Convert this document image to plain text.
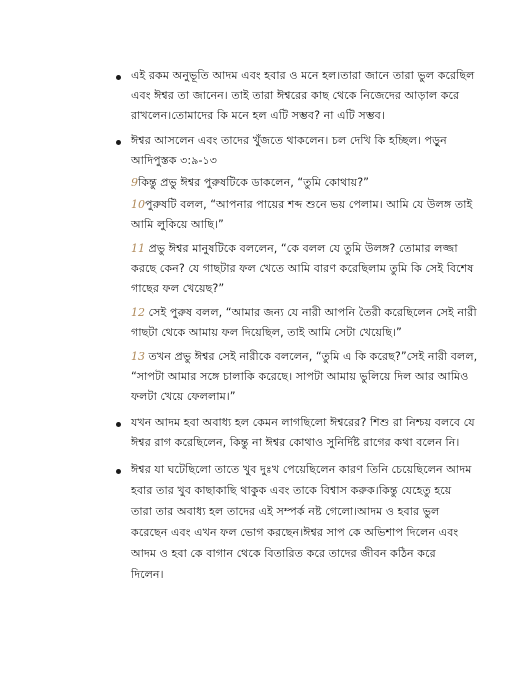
এই রকম অনুভূতি আদম এবং হবার ও মনে হল।তারা জানে তারা ভুল করেছিল
এবং ঈশ্বর তা জানেন। তাই তারা ঈশ্বরের কাছ থেকে নিজেদের আড়াল করে
রাখলেন।তোমাদের কি মনে হল এটি সম্ভব? না এটি সম্ভব।
ঈশ্বর আসলেন এবং তাদের খুঁজতে থাকলেন। চল দেখি কি হচ্ছিল। পড়ুন
আদিপুস্তক ৩:৯-১৩
9কিন্তু প্রভু ঈশ্বর পুরুষটিকে ডাকলেন, “তুমি কোথায়?”
10পুরুষটি বলল, “আপনার পায়ের শব্দ শুনে ভয় পেলাম। আমি যে উলঙ্গ তাই
আমি লুকিয়ে আছি।”
11 প্রভু ঈশ্বর মানুষটিকে বললেন, “কে বলল যে তুমি উলঙ্গ? তোমার লজ্জা
করছে কেন? যে গাছটার ফল খেতে আমি বারণ করেছিলাম তুমি কি সেই বিশেষ
গাছের ফল খেয়েছ?”
12 সেই পুরুষ বলল, “আমার জন্য যে নারী আপনি তৈরী করেছিলেন সেই নারী
গাছটা থেকে আমায় ফল দিয়েছিল, তাই আমি সেটা খেয়েছি।”
13 তখন প্রভু ঈশ্বর সেই নারীকে বললেন, “তুমি এ কি করেছ?”সেই নারী বলল,
“সাপটা আমার সঙ্গে চালাকি করেছে। সাপটা আমায় ভুলিয়ে দিল আর আমিও
ফলটা খেয়ে ফেললাম।”
যখন আদম হবা অবাধ্য হল কেমন লাগছিলো ঈশ্বরের? শিশু রা নিশ্চয় বলবে যে
ঈশ্বর রাগ করেছিলেন, কিন্তু না ঈশ্বর কোথাও সুনির্দিষ্ট রাগের কথা বলেন নি।
ঈশ্বর যা ঘটেছিলো তাতে খুব দুঃখ পেয়েছিলেন কারণ তিনি চেয়েছিলেন আদম
হবার তার খুব কাছাকাছি থাকুক এবং তাকে বিশ্বাস করুক।কিন্তু যেহেতু হয়ে
তারা তার অবাধ্য হল তাদের এই সম্পর্ক নষ্ট গেলো।আদম ও হবার ভুল
করেছেন এবং এখন ফল ভোগ করছেন।ঈশ্বর সাপ কে অভিশাপ দিলেন এবং
আদম ও হবা কে বাগান থেকে বিতারিত করে তাদের জীবন কঠিন করে
দিলেন।
